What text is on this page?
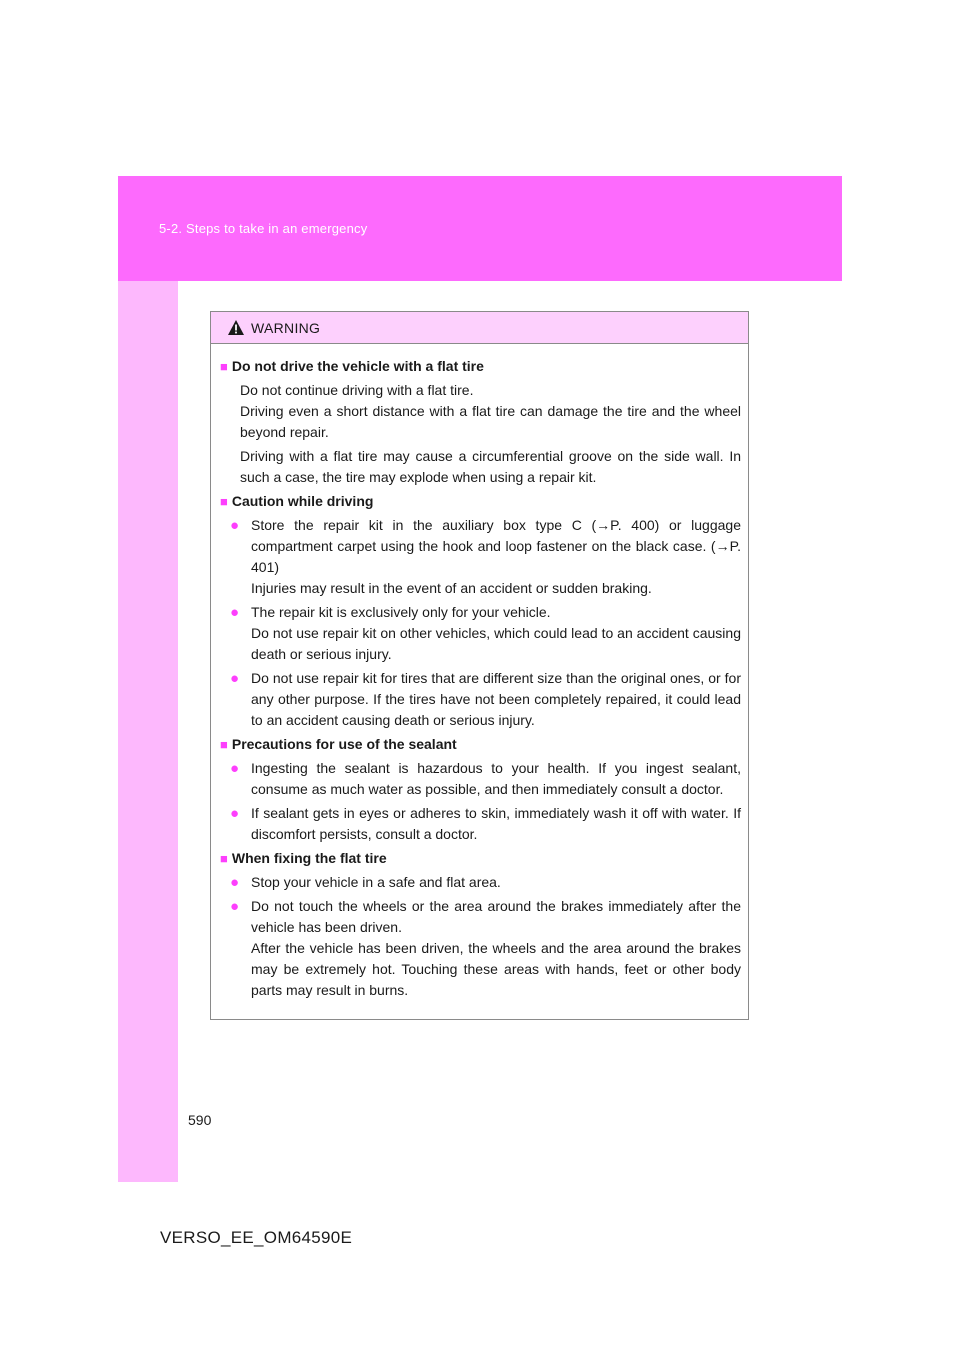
5-2. Steps to take in an emergency
WARNING
■ Do not drive the vehicle with a flat tire
Do not continue driving with a flat tire.
Driving even a short distance with a flat tire can damage the tire and the wheel beyond repair.
Driving with a flat tire may cause a circumferential groove on the side wall. In such a case, the tire may explode when using a repair kit.
■ Caution while driving
● Store the repair kit in the auxiliary box type C (→P. 400) or luggage compartment carpet using the hook and loop fastener on the black case. (→P. 401)
Injuries may result in the event of an accident or sudden braking.
● The repair kit is exclusively only for your vehicle.
Do not use repair kit on other vehicles, which could lead to an accident causing death or serious injury.
● Do not use repair kit for tires that are different size than the original ones, or for any other purpose. If the tires have not been completely repaired, it could lead to an accident causing death or serious injury.
■ Precautions for use of the sealant
● Ingesting the sealant is hazardous to your health. If you ingest sealant, consume as much water as possible, and then immediately consult a doctor.
● If sealant gets in eyes or adheres to skin, immediately wash it off with water. If discomfort persists, consult a doctor.
■ When fixing the flat tire
● Stop your vehicle in a safe and flat area.
● Do not touch the wheels or the area around the brakes immediately after the vehicle has been driven.
After the vehicle has been driven, the wheels and the area around the brakes may be extremely hot. Touching these areas with hands, feet or other body parts may result in burns.
590
VERSO_EE_OM64590E
